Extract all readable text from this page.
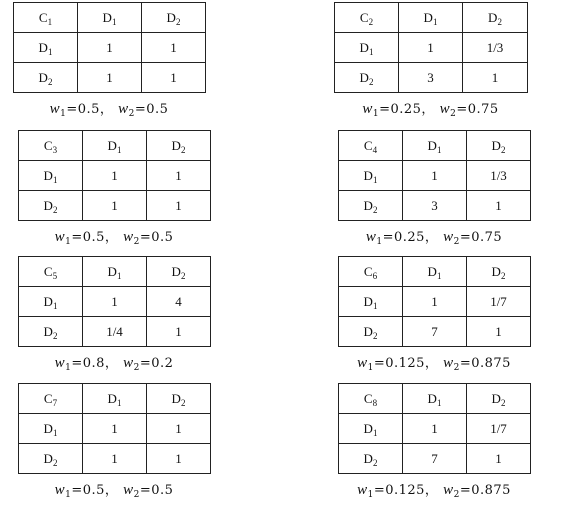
$C_1$	$D_1$	$D_2$
$D_1$	1	1
$D_2$	1	1
$w_1=0.5$， $w_2=0.5$
$C_2$	$D_1$	$D_2$
$D_1$	1	1/3
$D_2$	3	1
$w_1=0.25$， $w_2=0.75$
$C_3$	$D_1$	$D_2$
$D_1$	1	1
$D_2$	1	1
$w_1=0.5$， $w_2=0.5$
$C_4$	$D_1$	$D_2$
$D_1$	1	1/3
$D_2$	3	1
$w_1=0.25$， $w_2=0.75$
$C_5$	$D_1$	$D_2$
$D_1$	1	4
$D_2$	1/4	1
$w_1=0.8$， $w_2=0.2$
$C_6$	$D_1$	$D_2$
$D_1$	1	1/7
$D_2$	7	1
$w_1=0.125$， $w_2=0.875$
$C_7$	$D_1$	$D_2$
$D_1$	1	1
$D_2$	1	1
$w_1=0.5$， $w_2=0.5$
$C_8$	$D_1$	$D_2$
$D_1$	1	1/7
$D_2$	7	1
$w_1=0.125$， $w_2=0.875$
